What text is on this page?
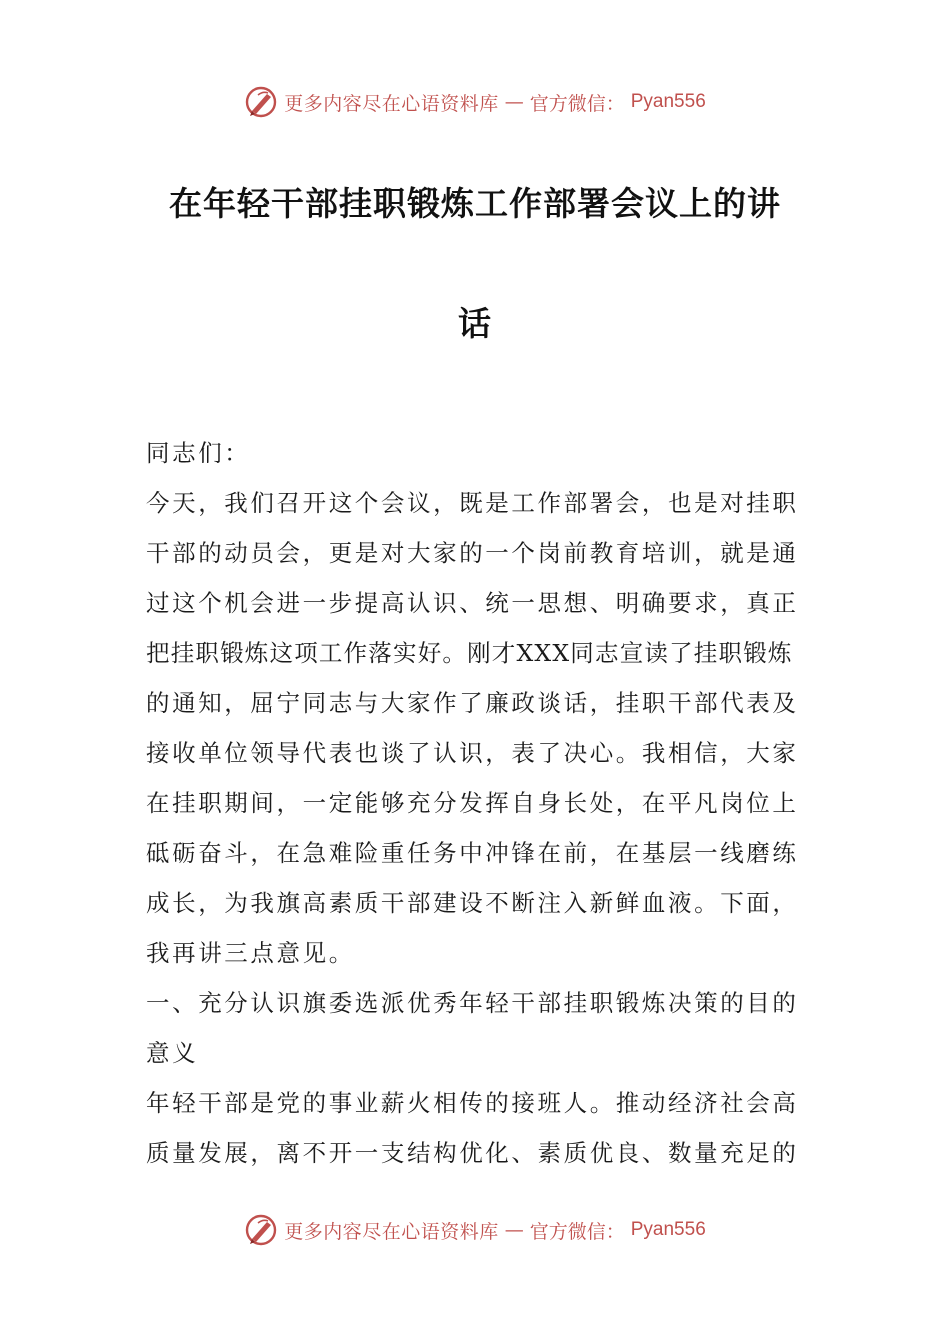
更多内容尽在心语资料库 — 官方微信： Pyan556
在年轻干部挂职锻炼工作部署会议上的讲
话
同志们：
今天，我们召开这个会议，既是工作部署会，也是对挂职
干部的动员会，更是对大家的一个岗前教育培训，就是通
过这个机会进一步提高认识、统一思想、明确要求，真正
把挂职锻炼这项工作落实好。刚才XXX同志宣读了挂职锻炼
的通知，屈宁同志与大家作了廉政谈话，挂职干部代表及
接收单位领导代表也谈了认识，表了决心。我相信，大家
在挂职期间，一定能够充分发挥自身长处，在平凡岗位上
砥砺奋斗，在急难险重任务中冲锋在前，在基层一线磨练
成长，为我旗高素质干部建设不断注入新鲜血液。下面，
我再讲三点意见。
一、充分认识旗委选派优秀年轻干部挂职锻炼决策的目的
意义
年轻干部是党的事业薪火相传的接班人。推动经济社会高
质量发展，离不开一支结构优化、素质优良、数量充足的
更多内容尽在心语资料库 — 官方微信： Pyan556
